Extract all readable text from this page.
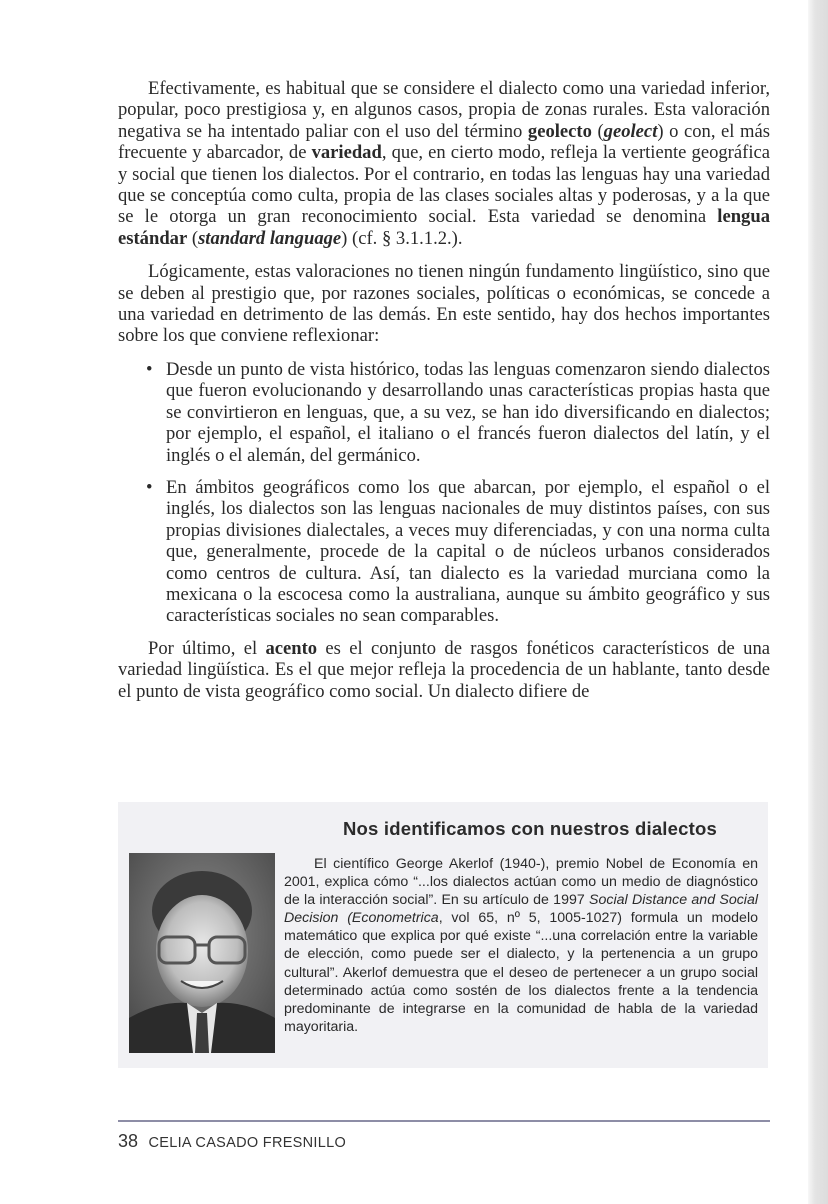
Efectivamente, es habitual que se considere el dialecto como una variedad inferior, popular, poco prestigiosa y, en algunos casos, propia de zonas rurales. Esta valoración negativa se ha intentado paliar con el uso del término geolecto (geolect) o con, el más frecuente y abarcador, de variedad, que, en cierto modo, refleja la vertiente geográfica y social que tienen los dialectos. Por el contrario, en todas las lenguas hay una variedad que se conceptúa como culta, propia de las clases sociales altas y poderosas, y a la que se le otorga un gran reconocimiento social. Esta variedad se denomina lengua estándar (standard language) (cf. § 3.1.1.2.).

Lógicamente, estas valoraciones no tienen ningún fundamento lingüístico, sino que se deben al prestigio que, por razones sociales, políticas o económicas, se concede a una variedad en detrimento de las demás. En este sentido, hay dos hechos importantes sobre los que conviene reflexionar:

• Desde un punto de vista histórico, todas las lenguas comenzaron siendo dialectos que fueron evolucionando y desarrollando unas características propias hasta que se convirtieron en lenguas, que, a su vez, se han ido diversificando en dialectos; por ejemplo, el español, el italiano o el francés fueron dialectos del latín, y el inglés o el alemán, del germánico.
• En ámbitos geográficos como los que abarcan, por ejemplo, el español o el inglés, los dialectos son las lenguas nacionales de muy distintos países, con sus propias divisiones dialectales, a veces muy diferenciadas, y con una norma culta que, generalmente, procede de la capital o de núcleos urbanos considerados como centros de cultura. Así, tan dialecto es la variedad murciana como la mexicana o la escocesa como la australiana, aunque su ámbito geográfico y sus características sociales no sean comparables.

Por último, el acento es el conjunto de rasgos fonéticos característicos de una variedad lingüística. Es el que mejor refleja la procedencia de un hablante, tanto desde el punto de vista geográfico como social. Un dialecto difiere de

Nos identificamos con nuestros dialectos

El científico George Akerlof (1940-), premio Nobel de Economía en 2001, explica cómo “...los dialectos actúan como un medio de diagnóstico de la interacción social”. En su artículo de 1997 Social Distance and Social Decision (Econometrica, vol 65, nº 5, 1005-1027) formula un modelo matemático que explica por qué existe “...una correlación entre la variable de elección, como puede ser el dialecto, y la pertenencia a un grupo cultural”. Akerlof demuestra que el deseo de pertenecer a un grupo social determinado actúa como sostén de los dialectos frente a la tendencia predominante de integrarse en la comunidad de habla de la variedad mayoritaria.

38 CELIA CASADO FRESNILLO
